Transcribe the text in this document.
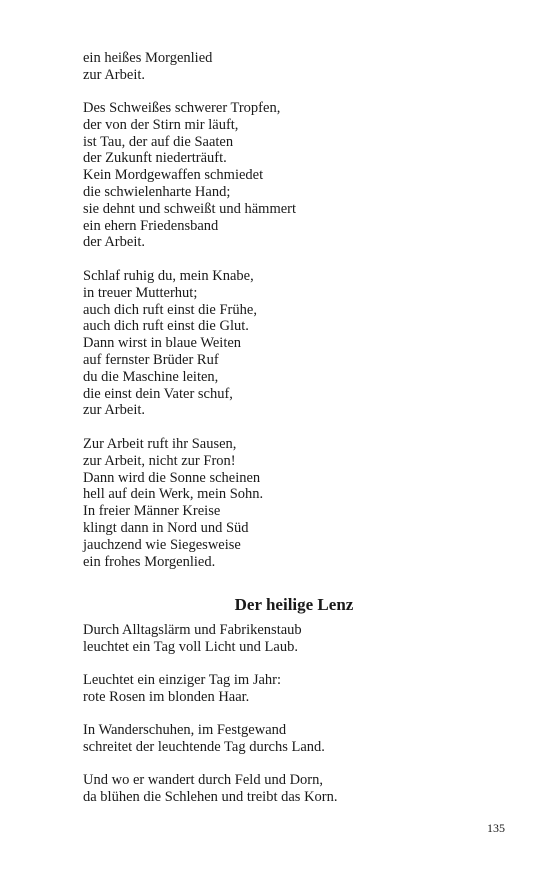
ein heißes Morgenlied
zur Arbeit.
Des Schweißes schwerer Tropfen,
der von der Stirn mir läuft,
ist Tau, der auf die Saaten
der Zukunft niederträuft.
Kein Mordgewaffen schmiedet
die schwielenharte Hand;
sie dehnt und schweißt und hämmert
ein ehern Friedensband
der Arbeit.
Schlaf ruhig du, mein Knabe,
in treuer Mutterhut;
auch dich ruft einst die Frühe,
auch dich ruft einst die Glut.
Dann wirst in blaue Weiten
auf fernster Brüder Ruf
du die Maschine leiten,
die einst dein Vater schuf,
zur Arbeit.
Zur Arbeit ruft ihr Sausen,
zur Arbeit, nicht zur Fron!
Dann wird die Sonne scheinen
hell auf dein Werk, mein Sohn.
In freier Männer Kreise
klingt dann in Nord und Süd
jauchzend wie Siegesweise
ein frohes Morgenlied.
Der heilige Lenz
Durch Alltagslärm und Fabrikenstaub
leuchtet ein Tag voll Licht und Laub.
Leuchtet ein einziger Tag im Jahr:
rote Rosen im blonden Haar.
In Wanderschuhen, im Festgewand
schreitet der leuchtende Tag durchs Land.
Und wo er wandert durch Feld und Dorn,
da blühen die Schlehen und treibt das Korn.
135
